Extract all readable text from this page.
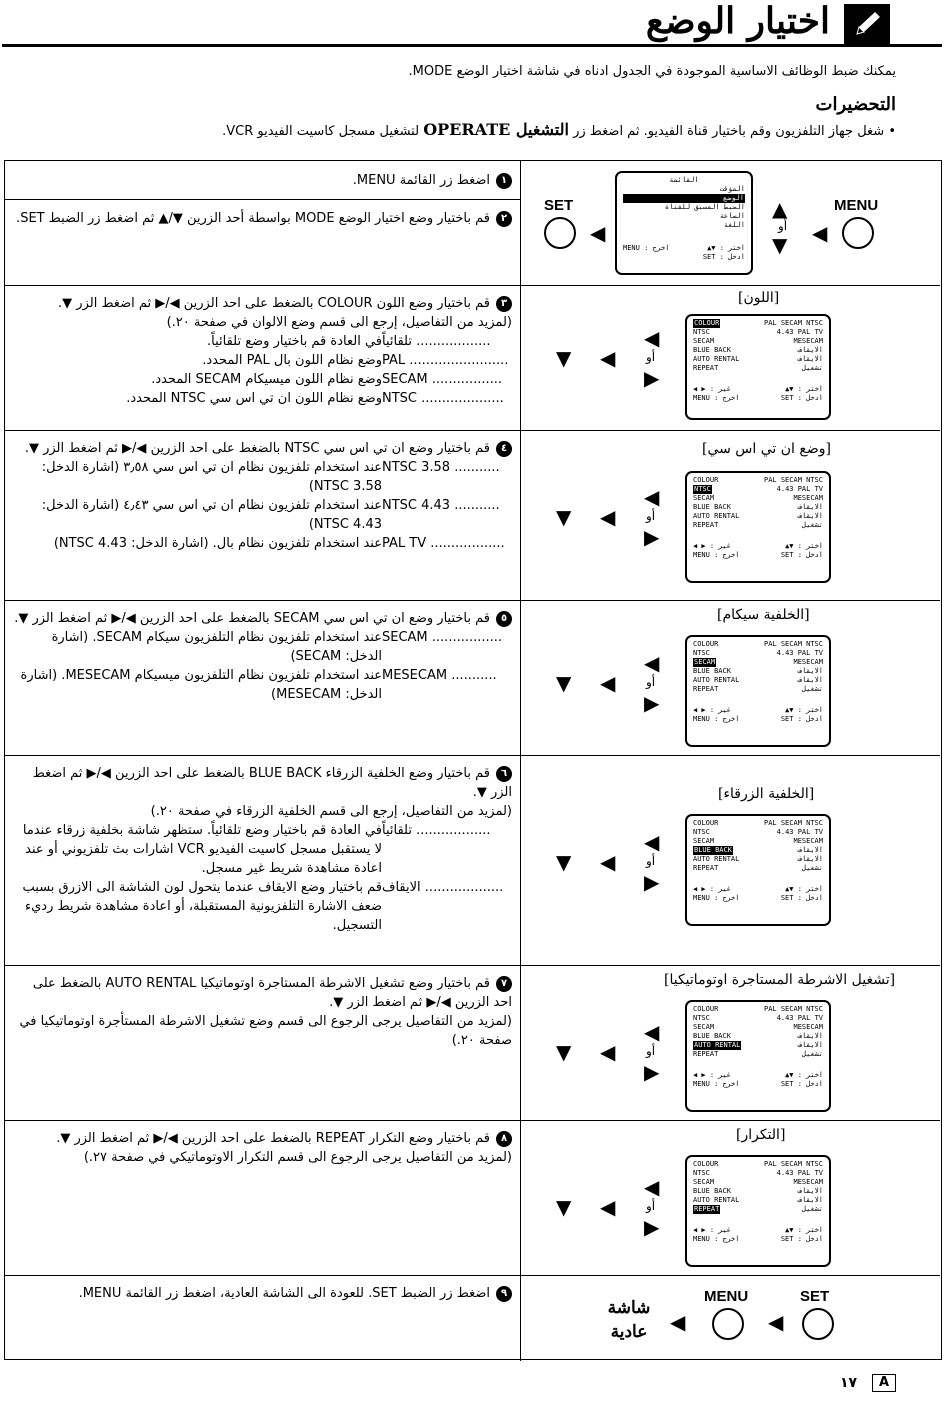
اختيار الوضع
يمكنك ضبط الوظائف الاساسية الموجودة في الجدول ادناه في شاشة اختيار الوضع MODE.
التحضيرات
• شغل جهاز التلفزيون وقم باختيار قناة الفيديو. ثم اضغط زر التشغيل OPERATE لتشغيل مسجل كاسيت الفيديو VCR.
١اضغط زر القائمة MENU.
٢قم باختيار وضع اختيار الوضع MODE بواسطة أحد الزرين ▼/▲ ثم اضغط زر الضبط SET.
SET
◀
القائمة
المؤقت
الوضع
الضبط المسبق للقناة
الساعة
اللغة
MENU : اخرج	▲▼ : اختر
SET : ادخل
▲
أو
▼ ◀
MENU
٣قم باختيار وضع اللون COLOUR بالضغط على احد الزرين ◀/▶ ثم اضغط الزر ▼.
(لمزيد من التفاصيل، إرجع الى قسم وضع الالوان في صفحة ٢٠.)
تلقائياً ..................
في العادة قم باختيار وضع تلقائياً.
PAL ........................
وضع نظام اللون بال PAL المحدد.
SECAM .................
وضع نظام اللون ميسيكام SECAM المحدد.
NTSC ....................
وضع نظام اللون ان تي اس سي NTSC المحدد.
▼ ◀
◀
أو
▶
[اللون]
COLOUR	PAL SECAM NTSC
NTSC	4.43 PAL TV
SECAM	MESECAM
BLUE BACK	الايقاف
AUTO RENTAL	الايقاف
REPEAT	تشغيل
◀ ▶ : غير	▲▼ : اختر
MENU : اخرج	SET : ادخل
٤قم باختيار وضع ان تي اس سي NTSC بالضغط على احد الزرين ◀/▶ ثم اضغط الزر ▼.
NTSC 3.58 ...........
عند استخدام تلفزيون نظام ان تي اس سي ٣٫٥٨ (اشارة الدخل: NTSC 3.58)
NTSC 4.43 ...........
عند استخدام تلفزيون نظام ان تي اس سي ٤٫٤٣ (اشارة الدخل: NTSC 4.43)
PAL TV ..................
عند استخدام تلفزيون نظام بال. (اشارة الدخل: NTSC 4.43)
▼ ◀
◀
أو
▶
[وضع ان تي اس سي]
COLOUR	PAL SECAM NTSC
NTSC	4.43 PAL TV
SECAM	MESECAM
BLUE BACK	الايقاف
AUTO RENTAL	الايقاف
REPEAT	تشغيل
◀ ▶ : غير	▲▼ : اختر
MENU : اخرج	SET : ادخل
٥قم باختيار وضع ان تي اس سي SECAM بالضغط على احد الزرين ◀/▶ ثم اضغط الزر ▼.
SECAM .................
عند استخدام تلفزيون نظام التلفزيون سيكام SECAM. (اشارة الدخل: SECAM)
MESECAM ...........
عند استخدام تلفزيون نظام التلفزيون ميسيكام MESECAM. (اشارة الدخل: MESECAM)	▼ ◀
◀
أو
▶
[الخلفية سيكام]
COLOUR	PAL SECAM NTSC
NTSC	4.43 PAL TV
SECAM	MESECAM
BLUE BACK	الايقاف
AUTO RENTAL	الايقاف
REPEAT	تشغيل
◀ ▶ : غير	▲▼ : اختر
MENU : اخرج	SET : ادخل
٦قم باختيار وضع الخلفية الزرقاء BLUE BACK بالضغط على احد الزرين ◀/▶ ثم اضغط الزر ▼.
(لمزيد من التفاصيل، إرجع الى قسم الخلفية الزرقاء في صفحة ٢٠.)
تلقائياً ..................
في العادة قم باختيار وضع تلقائياً. ستظهر شاشة بخلفية زرقاء عندما لا يستقبل مسجل كاسيت الفيديو VCR اشارات بث تلفزيوني أو عند اعادة مشاهدة شريط غير مسجل.
الايقاف ...................
قم باختيار وضع الايقاف عندما يتحول لون الشاشة الى الازرق بسبب ضعف الاشارة التلفزيونية المستقبلة، أو اعادة مشاهدة شريط رديء التسجيل.
▼ ◀
◀
أو
▶
[الخلفية الزرقاء]
COLOUR	PAL SECAM NTSC
NTSC	4.43 PAL TV
SECAM	MESECAM
BLUE BACK	الايقاف
AUTO RENTAL	الايقاف
REPEAT	تشغيل
◀ ▶ : غير	▲▼ : اختر
MENU : اخرج	SET : ادخل
٧قم باختيار وضع تشغيل الاشرطة المستاجرة اوتوماتيكيا AUTO RENTAL بالضغط على احد الزرين ◀/▶ ثم اضغط الزر ▼.
(لمزيد من التفاصيل يرجى الرجوع الى قسم وضع تشغيل الاشرطة المستأجرة اوتوماتيكيا في صفحة ٢٠.) ▼ ◀
◀
أو
▶
[تشغيل الاشرطة المستاجرة اوتوماتيكيا]
COLOUR	PAL SECAM NTSC
NTSC	4.43 PAL TV
SECAM	MESECAM
BLUE BACK	الايقاف
AUTO RENTAL	الايقاف
REPEAT	تشغيل
◀ ▶ : غير	▲▼ : اختر
MENU : اخرج	SET : ادخل
٨قم باختيار وضع التكرار REPEAT بالضغط على احد الزرين ◀/▶ ثم اضغط الزر ▼.
(لمزيد من التفاصيل يرجى الرجوع الى قسم التكرار الاوتوماتيكي في صفحة ٢٧.)
▼ ◀
◀
أو
▶
[التكرار]
COLOUR	PAL SECAM NTSC
NTSC	4.43 PAL TV
SECAM	MESECAM
BLUE BACK	الايقاف
AUTO RENTAL	الايقاف
REPEAT	تشغيل
◀ ▶ : غير	▲▼ : اختر
MENU : اخرج	SET : ادخل
٩اضغط زر الضبط SET. للعودة الى الشاشة العادية، اضغط زر القائمة MENU.
شاشة عادية	◀
MENU
◀
SET
١٧	A
